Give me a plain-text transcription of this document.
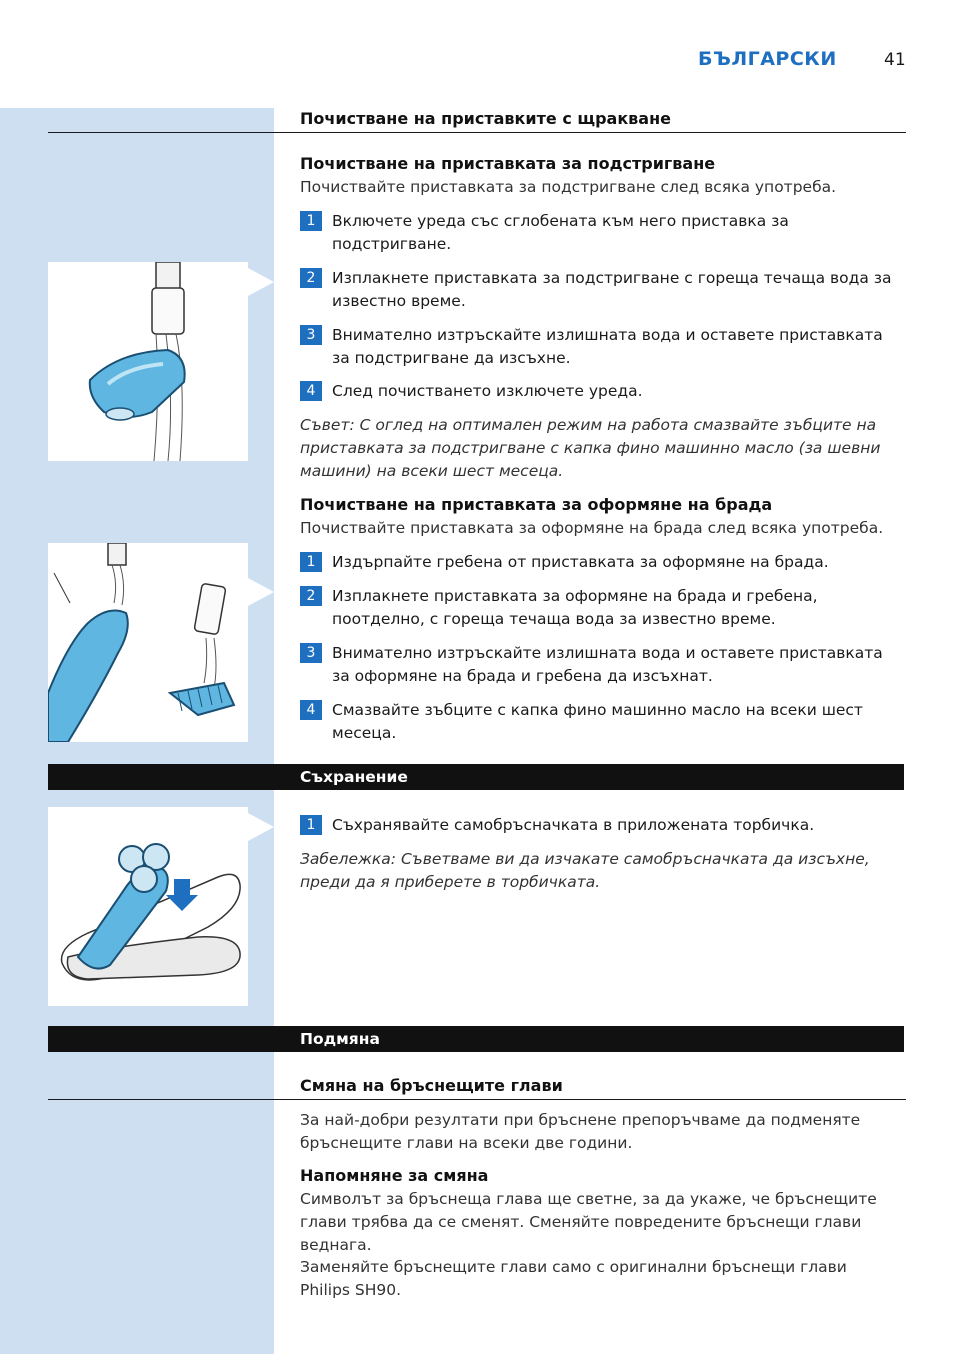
БЪЛГАРСКИ	41
Почистване на приставките с щракване
Почистване на приставката за подстригване
Почиствайте приставката за подстригване след всяка употреба.
1	Включете уреда със сглобената към него приставка за подстригване.
2	Изплакнете приставката за подстригване с гореща течаща вода за известно време.
3	Внимателно изтръскайте излишната вода и оставете приставката за подстригване да изсъхне.
4	След почистването изключете уреда.
Съвет: С оглед на оптимален режим на работа смазвайте зъбците на приставката за подстригване с капка фино машинно масло (за шевни машини) на всеки шест месеца.
Почистване на приставката за оформяне на брада
Почиствайте приставката за оформяне на брада след всяка употреба.
1	Издърпайте гребена от приставката за оформяне на брада.
2	Изплакнете приставката за оформяне на брада и гребена, поотделно, с гореща течаща вода за известно време.
3	Внимателно изтръскайте излишната вода и оставете приставката за оформяне на брада и гребена да изсъхнат.
4	Смазвайте зъбците с капка фино машинно масло на всеки шест месеца.
Съхранение
1	Съхранявайте самобръсначката в приложената торбичка.
Забележка: Съветваме ви да изчакате самобръсначката да изсъхне, преди да я приберете в торбичката.
Подмяна
Смяна на бръснещите глави
За най-добри резултати при бръснене препоръчваме да подменяте бръснещите глави на всеки две години.
Напомняне за смяна
Символът за бръснеща глава ще светне, за да укаже, че бръснещите глави трябва да се сменят. Сменяйте повредените бръснещи глави веднага.
Заменяйте бръснещите глави само с оригинални бръснещи глави Philips SH90.
